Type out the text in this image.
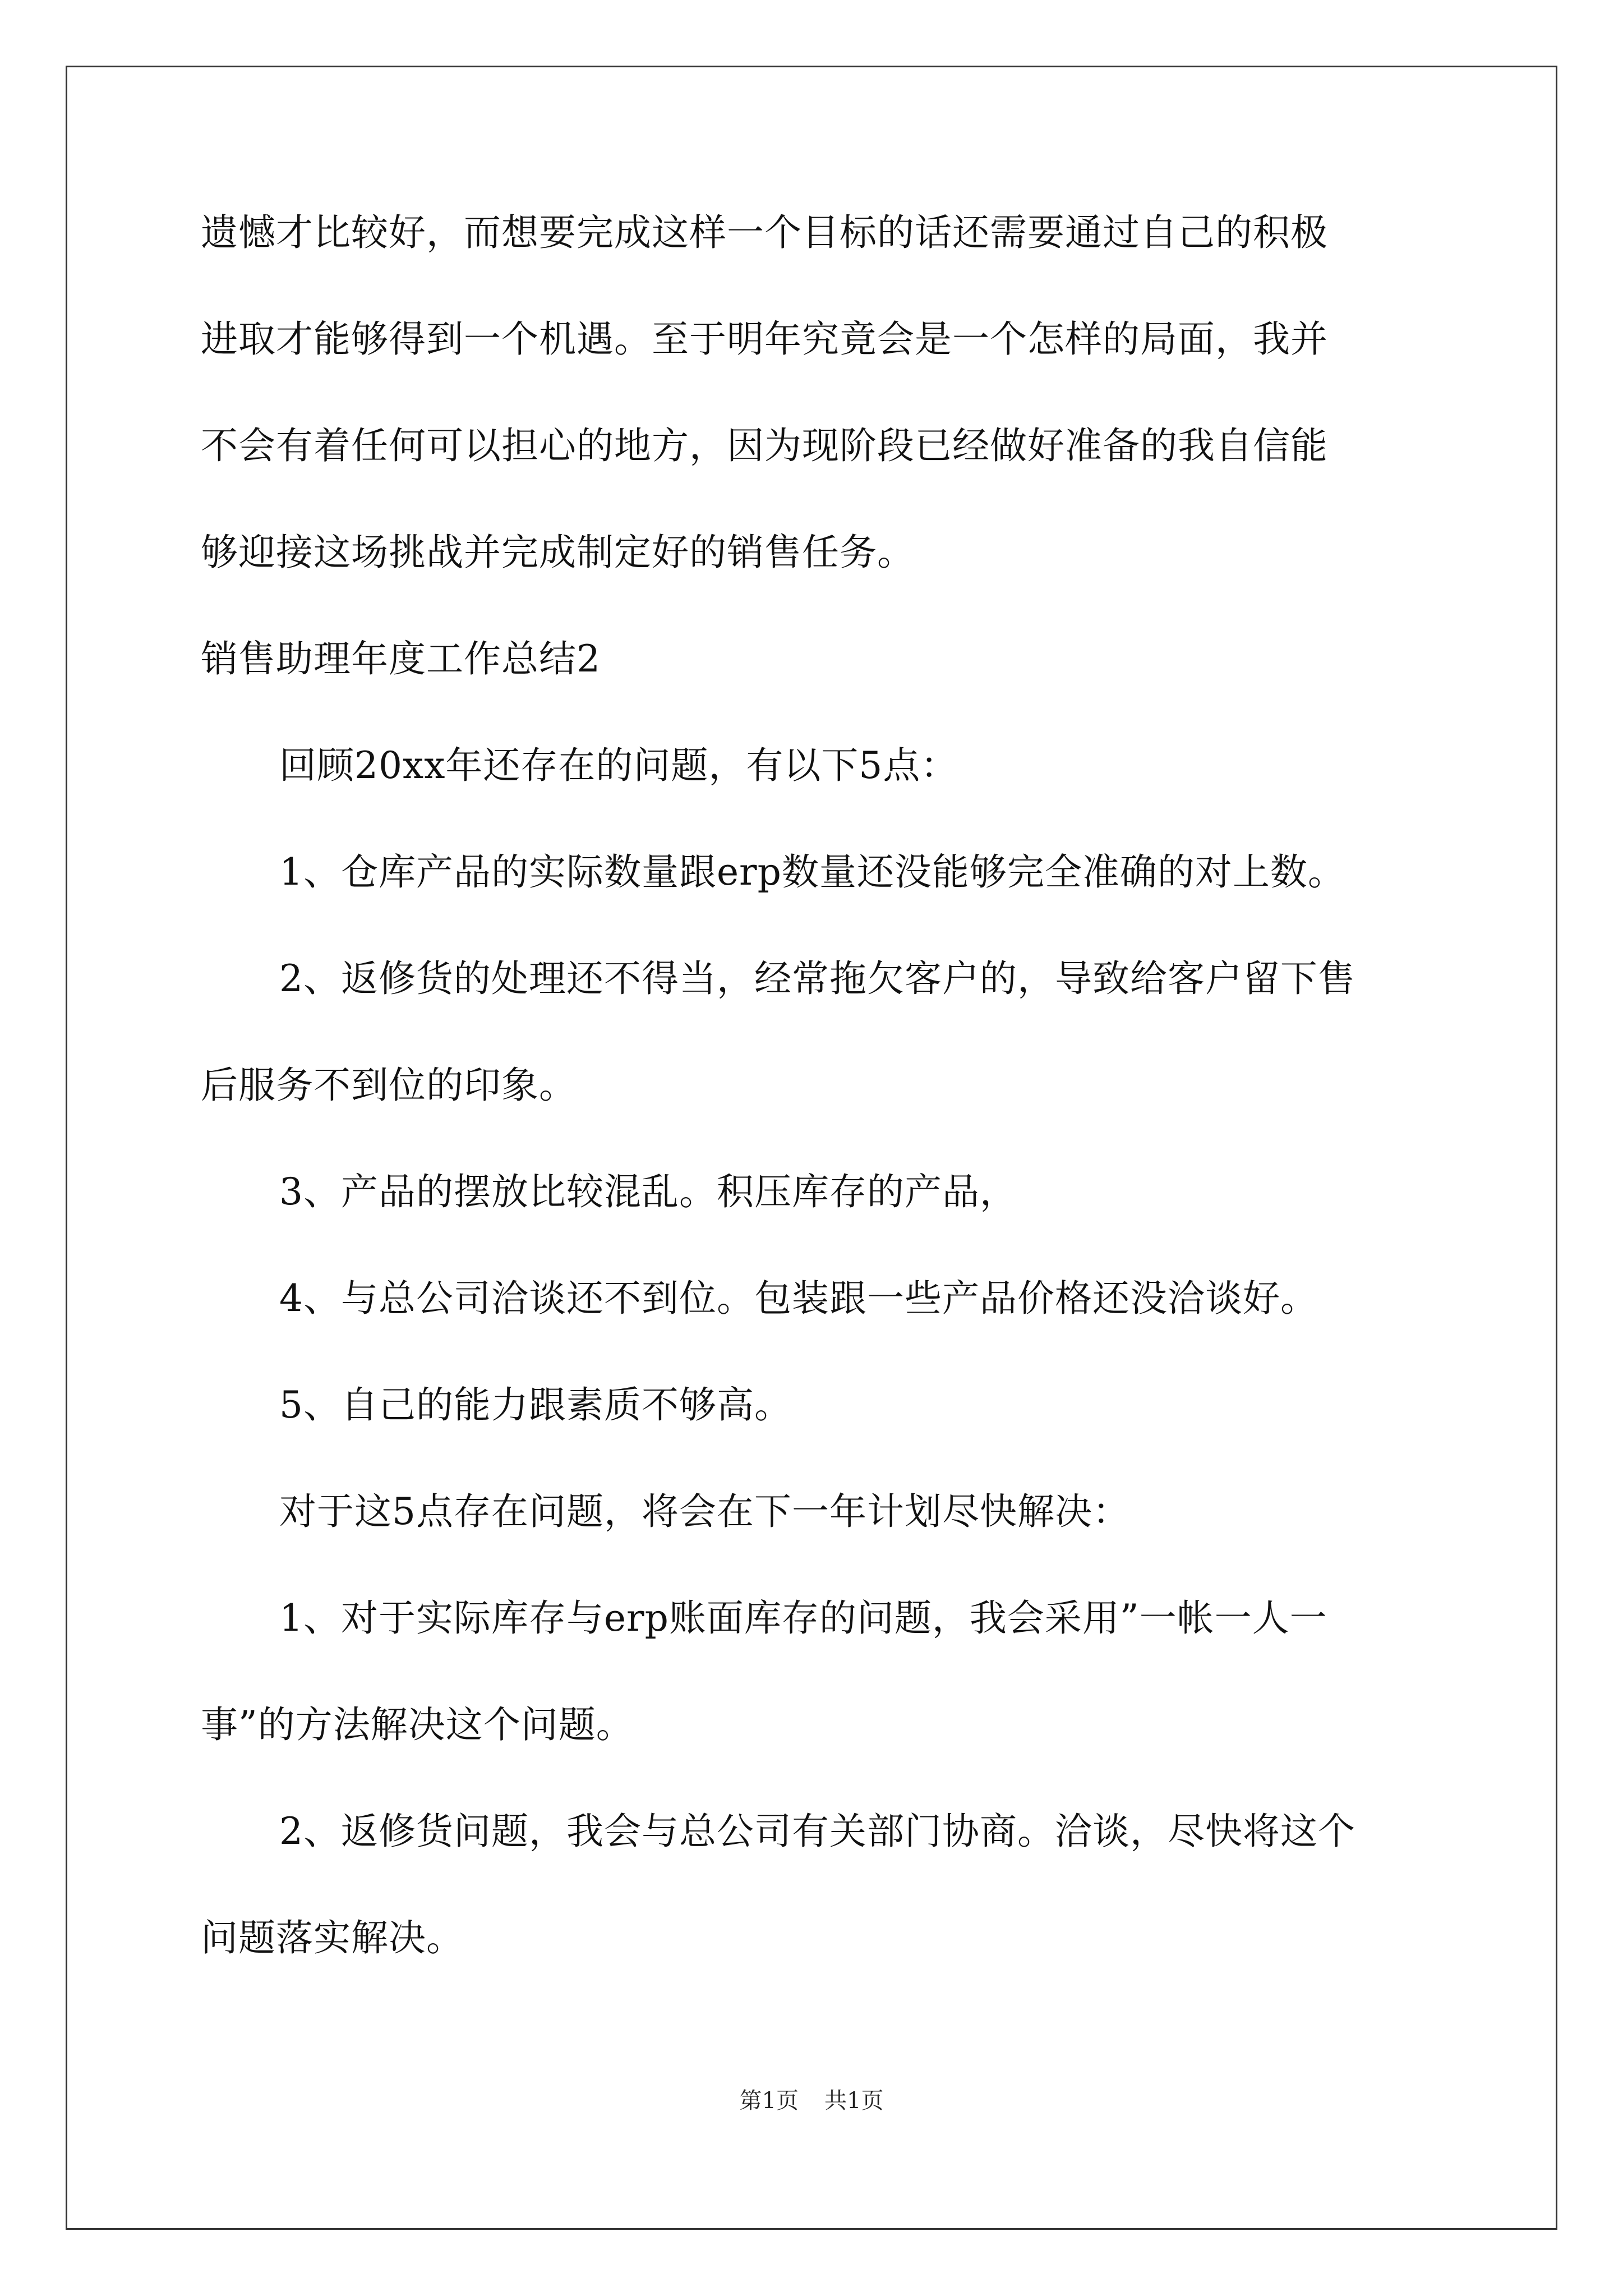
遗憾才比较好，而想要完成这样一个目标的话还需要通过自己的积极
进取才能够得到一个机遇。至于明年究竟会是一个怎样的局面，我并
不会有着任何可以担心的地方，因为现阶段已经做好准备的我自信能
够迎接这场挑战并完成制定好的销售任务。
销售助理年度工作总结2
回顾20xx年还存在的问题，有以下5点：
1、仓库产品的实际数量跟erp数量还没能够完全准确的对上数。
2、返修货的处理还不得当，经常拖欠客户的，导致给客户留下售
后服务不到位的印象。
3、产品的摆放比较混乱。积压库存的产品，
4、与总公司洽谈还不到位。包装跟一些产品价格还没洽谈好。
5、自己的能力跟素质不够高。
对于这5点存在问题，将会在下一年计划尽快解决：
1、对于实际库存与erp账面库存的问题，我会采用”一帐一人一
事”的方法解决这个问题。
2、返修货问题，我会与总公司有关部门协商。洽谈，尽快将这个
问题落实解决。
第1页 共1页
